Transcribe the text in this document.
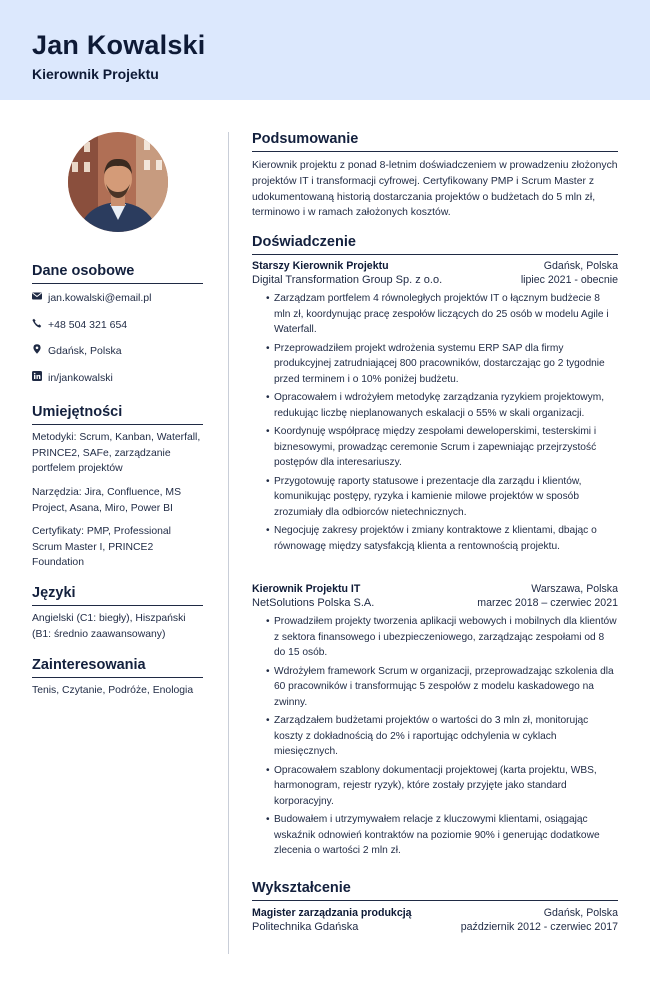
Jan Kowalski
Kierownik Projektu
Dane osobowe
jan.kowalski@email.pl
+48 504 321 654
Gdańsk, Polska
in/jankowalski
Umiejętności
Metodyki: Scrum, Kanban, Waterfall, PRINCE2, SAFe, zarządzanie portfelem projektów
Narzędzia: Jira, Confluence, MS Project, Asana, Miro, Power BI
Certyfikaty: PMP, Professional Scrum Master I, PRINCE2 Foundation
Języki
Angielski (C1: biegły), Hiszpański (B1: średnio zaawansowany)
Zainteresowania
Tenis, Czytanie, Podróże, Enologia
Podsumowanie
Kierownik projektu z ponad 8-letnim doświadczeniem w prowadzeniu złożonych projektów IT i transformacji cyfrowej. Certyfikowany PMP i Scrum Master z udokumentowaną historią dostarczania projektów o budżetach do 5 mln zł, terminowo i w ramach założonych kosztów.
Doświadczenie
Starszy Kierownik Projektu	Gdańsk, Polska
Digital Transformation Group Sp. z o.o.	lipiec 2021 - obecnie
• Zarządzam portfelem 4 równoległych projektów IT o łącznym budżecie 8 mln zł, koordynując pracę zespołów liczących do 25 osób w modelu Agile i Waterfall.
• Przeprowadziłem projekt wdrożenia systemu ERP SAP dla firmy produkcyjnej zatrudniającej 800 pracowników, dostarczając go 2 tygodnie przed terminem i o 10% poniżej budżetu.
• Opracowałem i wdrożyłem metodykę zarządzania ryzykiem projektowym, redukując liczbę nieplanowanych eskalacji o 55% w skali organizacji.
• Koordynuję współpracę między zespołami deweloperskimi, testerskimi i biznesowymi, prowadząc ceremonie Scrum i zapewniając przejrzystość postępów dla interesariuszy.
• Przygotowuję raporty statusowe i prezentacje dla zarządu i klientów, komunikując postępy, ryzyka i kamienie milowe projektów w sposób zrozumiały dla odbiorców nietechnicznych.
• Negocjuję zakresy projektów i zmiany kontraktowe z klientami, dbając o równowagę między satysfakcją klienta a rentownością projektu.
Kierownik Projektu IT	Warszawa, Polska
NetSolutions Polska S.A.	marzec 2018 – czerwiec 2021
• Prowadziłem projekty tworzenia aplikacji webowych i mobilnych dla klientów z sektora finansowego i ubezpieczeniowego, zarządzając zespołami od 8 do 15 osób.
• Wdrożyłem framework Scrum w organizacji, przeprowadzając szkolenia dla 60 pracowników i transformując 5 zespołów z modelu kaskadowego na zwinny.
• Zarządzałem budżetami projektów o wartości do 3 mln zł, monitorując koszty z dokładnością do 2% i raportując odchylenia w cyklach miesięcznych.
• Opracowałem szablony dokumentacji projektowej (karta projektu, WBS, harmonogram, rejestr ryzyk), które zostały przyjęte jako standard korporacyjny.
• Budowałem i utrzymywałem relacje z kluczowymi klientami, osiągając wskaźnik odnowień kontraktów na poziomie 90% i generując dodatkowe zlecenia o wartości 2 mln zł.
Wykształcenie
Magister zarządzania produkcją	Gdańsk, Polska
Politechnika Gdańska	październik 2012 - czerwiec 2017
